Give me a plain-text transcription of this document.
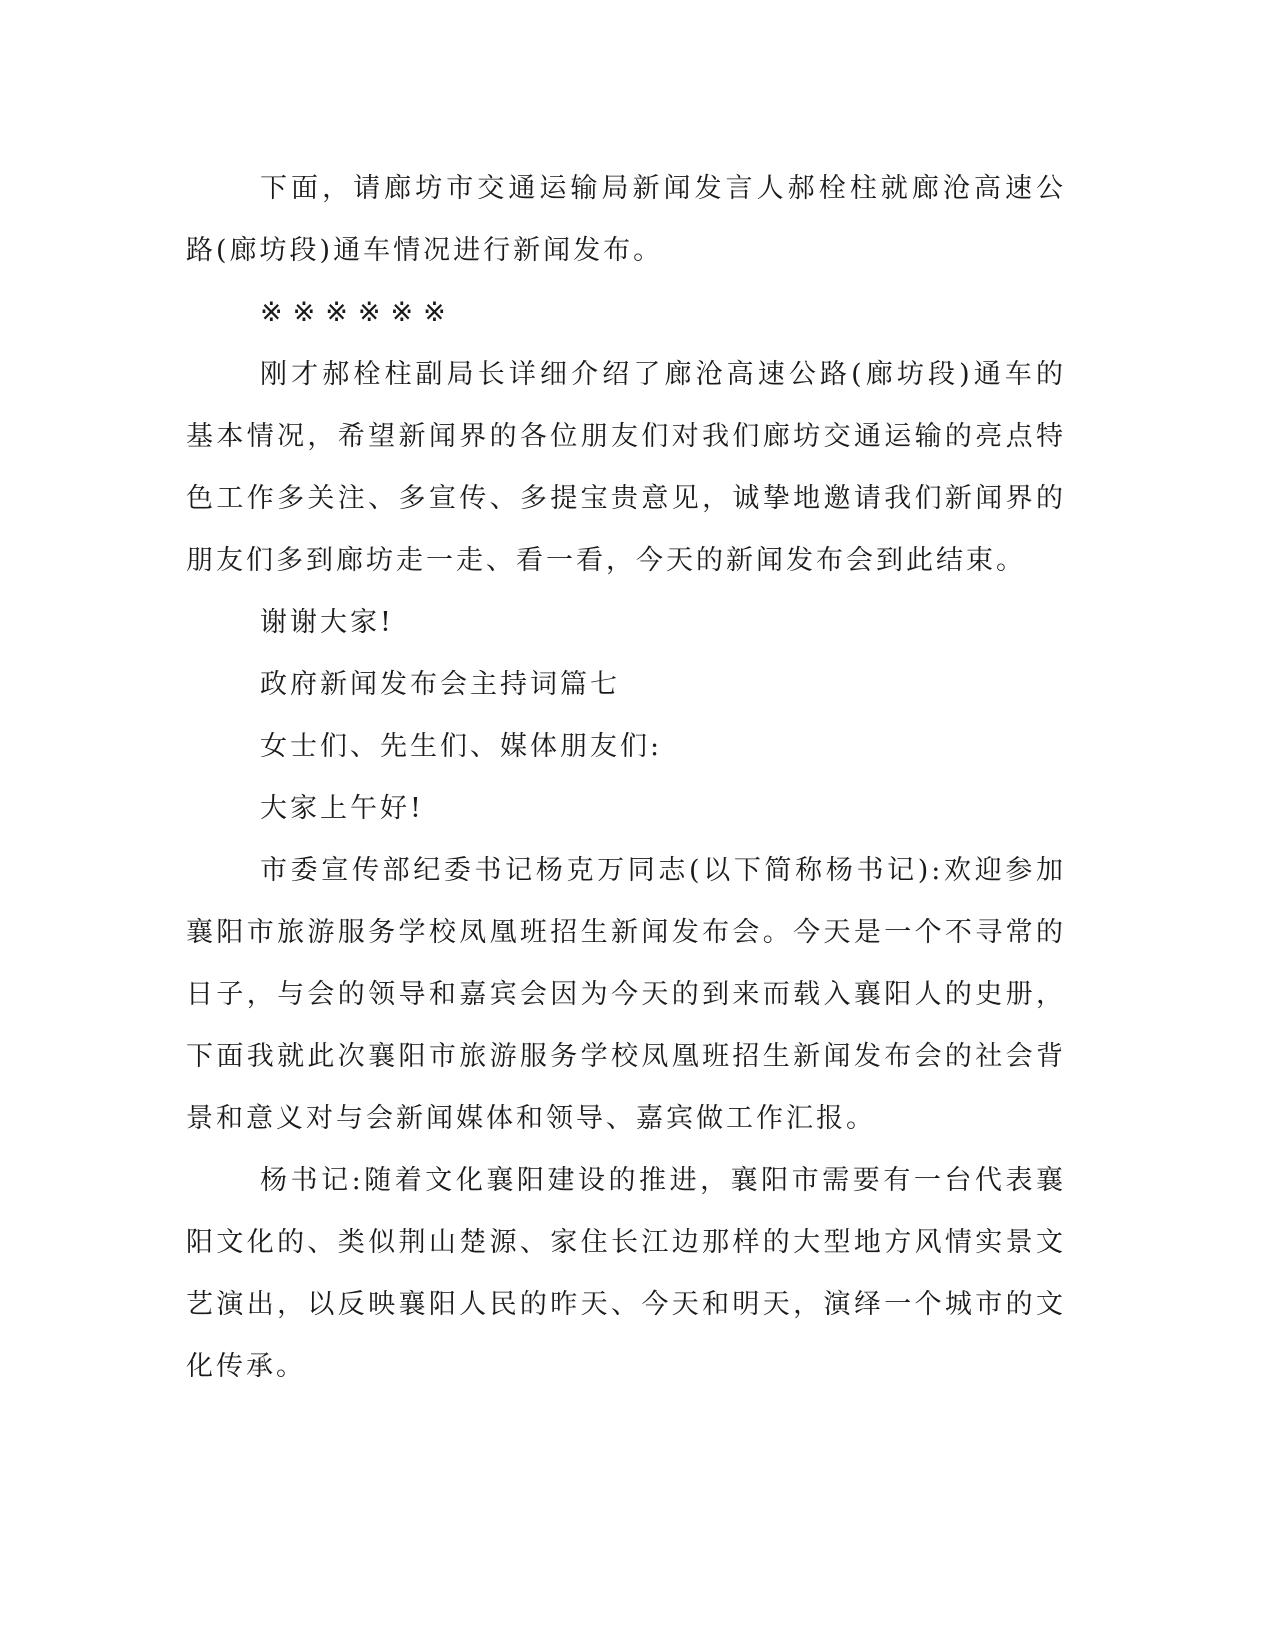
下面，请廊坊市交通运输局新闻发言人郝栓柱就廊沧高速公路(廊坊段)通车情况进行新闻发布。

※※※※※※

刚才郝栓柱副局长详细介绍了廊沧高速公路(廊坊段)通车的基本情况，希望新闻界的各位朋友们对我们廊坊交通运输的亮点特色工作多关注、多宣传、多提宝贵意见，诚挚地邀请我们新闻界的朋友们多到廊坊走一走、看一看，今天的新闻发布会到此结束。

谢谢大家!

政府新闻发布会主持词篇七

女士们、先生们、媒体朋友们:

大家上午好!

市委宣传部纪委书记杨克万同志(以下简称杨书记):欢迎参加襄阳市旅游服务学校凤凰班招生新闻发布会。今天是一个不寻常的日子，与会的领导和嘉宾会因为今天的到来而载入襄阳人的史册，下面我就此次襄阳市旅游服务学校凤凰班招生新闻发布会的社会背景和意义对与会新闻媒体和领导、嘉宾做工作汇报。

杨书记:随着文化襄阳建设的推进，襄阳市需要有一台代表襄阳文化的、类似荆山楚源、家住长江边那样的大型地方风情实景文艺演出，以反映襄阳人民的昨天、今天和明天，演绎一个城市的文化传承。
